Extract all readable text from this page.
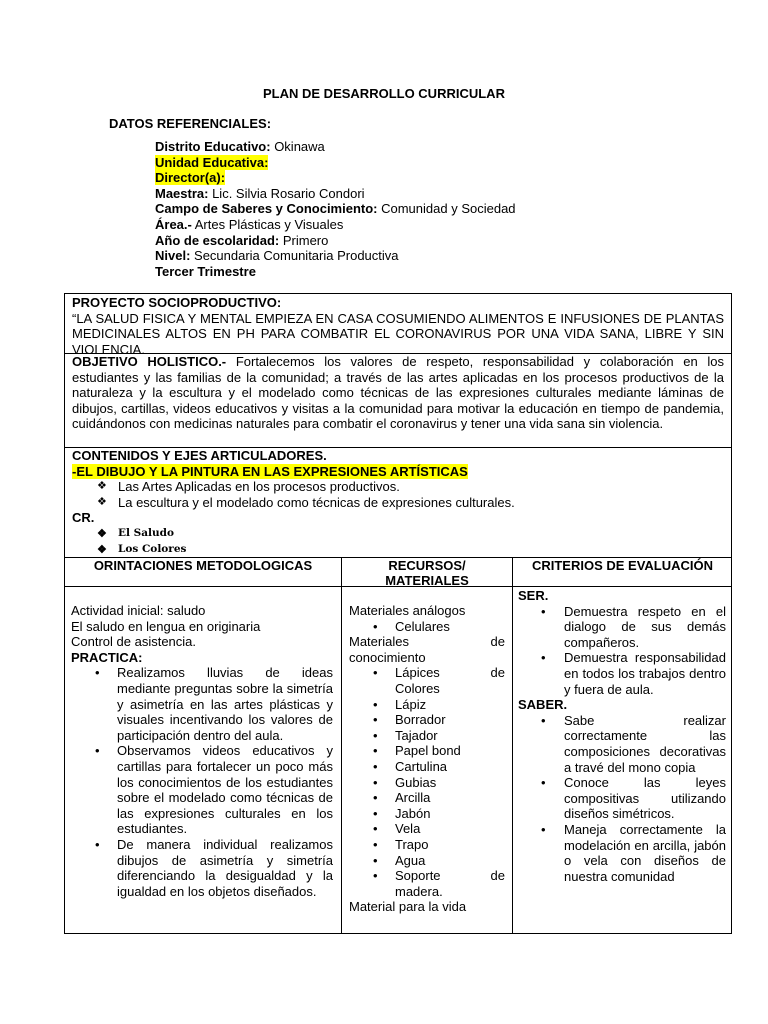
PLAN DE DESARROLLO CURRICULAR
DATOS REFERENCIALES:
Distrito Educativo: Okinawa
Unidad Educativa:
Director(a):
Maestra: Lic. Silvia Rosario Condori
Campo de Saberes y Conocimiento: Comunidad y Sociedad
Área.- Artes Plásticas y Visuales
Año de escolaridad: Primero
Nivel: Secundaria Comunitaria Productiva
Tercer Trimestre
PROYECTO SOCIOPRODUCTIVO:
“LA SALUD FISICA Y MENTAL EMPIEZA EN CASA COSUMIENDO ALIMENTOS E INFUSIONES DE PLANTAS MEDICINALES ALTOS EN PH PARA COMBATIR EL CORONAVIRUS POR UNA VIDA SANA, LIBRE Y SIN VIOLENCIA.
OBJETIVO HOLISTICO.- Fortalecemos los valores de respeto, responsabilidad y colaboración en los estudiantes y las familias de la comunidad; a través de las artes aplicadas en los procesos productivos de la naturaleza y la escultura y el modelado como técnicas de las expresiones culturales mediante láminas de dibujos, cartillas, videos educativos y visitas a la comunidad para motivar la educación en tiempo de pandemia, cuidándonos con medicinas naturales para combatir el coronavirus y tener una vida sana sin violencia.
CONTENIDOS Y EJES ARTICULADORES.
-EL DIBUJO Y LA PINTURA EN LAS EXPRESIONES ARTÍSTICAS
❖ Las Artes Aplicadas en los procesos productivos.
❖ La escultura y el modelado como técnicas de expresiones culturales.
CR.
❖ El Saludo
❖ Los Colores
ORINTACIONES METODOLOGICAS
Actividad inicial: saludo
El saludo en lengua en originaria
Control de asistencia.
PRACTICA:
• Realizamos lluvias de ideas mediante preguntas sobre la simetría y asimetría en las artes plásticas y visuales incentivando los valores de participación dentro del aula.
• Observamos videos educativos y cartillas para fortalecer un poco más los conocimientos de los estudiantes sobre el modelado como técnicas de las expresiones culturales en los estudiantes.
• De manera individual realizamos dibujos de asimetría y simetría diferenciando la desigualdad y la igualdad en los objetos diseñados.
RECURSOS/ MATERIALES
Materiales análogos
• Celulares
Materiales de conocimiento
• Lápices de Colores
• Lápiz
• Borrador
• Tajador
• Papel bond
• Cartulina
• Gubias
• Arcilla
• Jabón
• Vela
• Trapo
• Agua
• Soporte de madera.
Material para la vida
CRITERIOS DE EVALUACIÓN
SER.
• Demuestra respeto en el dialogo de sus demás compañeros.
• Demuestra responsabilidad en todos los trabajos dentro y fuera de aula.
SABER.
• Sabe realizar correctamente las composiciones decorativas a travé del mono copia
• Conoce las leyes compositivas utilizando diseños simétricos.
• Maneja correctamente la modelación en arcilla, jabón o vela con diseños de nuestra comunidad
